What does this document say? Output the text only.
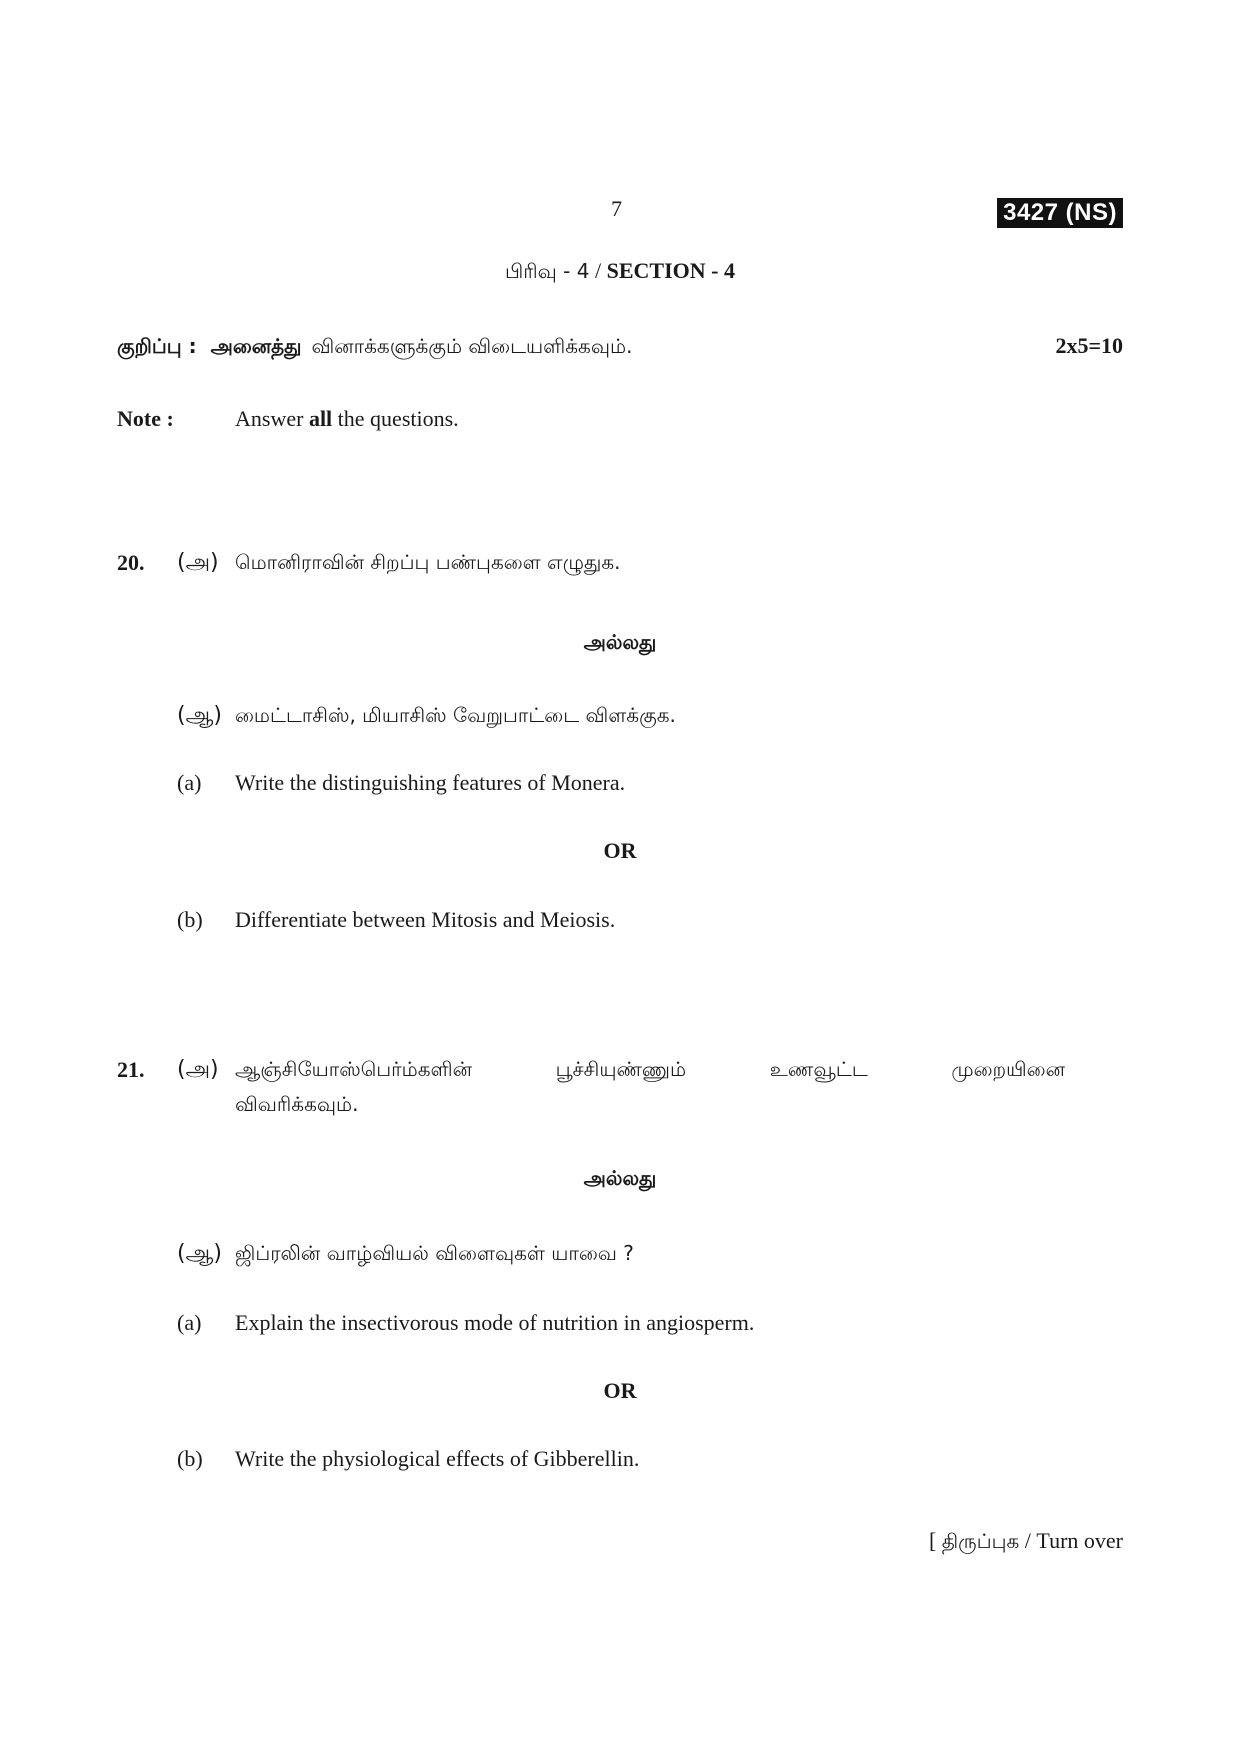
7	3427 (NS)
பிரிவு - 4 / SECTION - 4
குறிப்பு : அனைத்து வினாக்களுக்கும் விடையளிக்கவும்.	2x5=10
Note :	Answer all the questions.
20. (அ) மொனிராவின் சிறப்பு பண்புகளை எழுதுக.
அல்லது
(ஆ) மைட்டாசிஸ், மியாசிஸ் வேறுபாட்டை விளக்குக.
(a) Write the distinguishing features of Monera.
OR
(b) Differentiate between Mitosis and Meiosis.
21. (அ) ஆஞ்சியோஸ்பெர்ம்களின்	பூச்சியுண்ணும்	உணவூட்ட	முறையினை
விவரிக்கவும்.
அல்லது
(ஆ) ஜிப்ரலின் வாழ்வியல் விளைவுகள் யாவை ?
(a) Explain the insectivorous mode of nutrition in angiosperm.
OR
(b) Write the physiological effects of Gibberellin.
[ திருப்புக / Turn over
